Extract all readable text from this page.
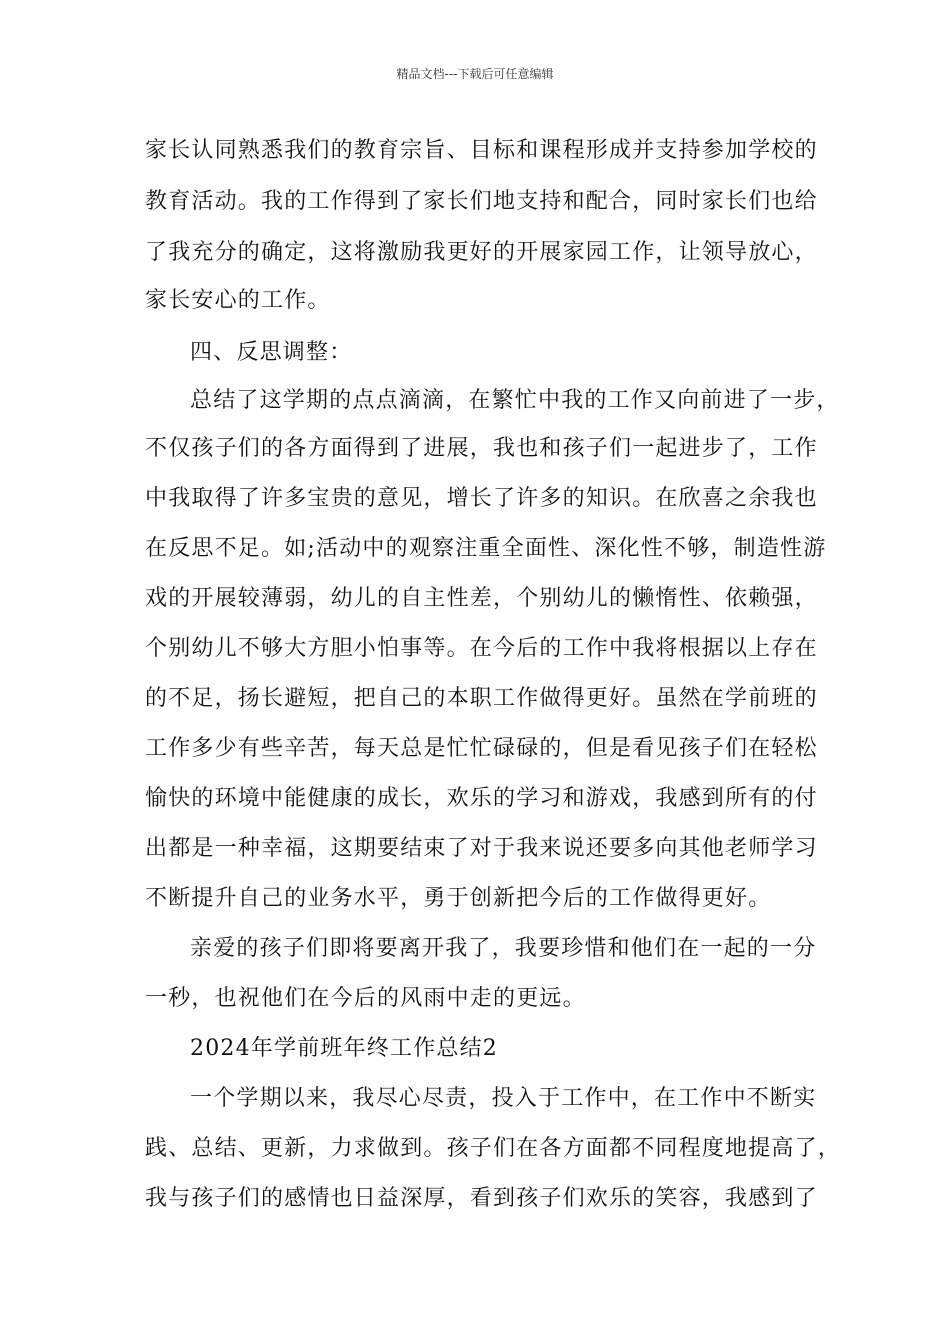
精品文档---下载后可任意编辑
家长认同熟悉我们的教育宗旨、目标和课程形成并支持参加学校的
教育活动。我的工作得到了家长们地支持和配合，同时家长们也给
了我充分的确定，这将激励我更好的开展家园工作，让领导放心，
家长安心的工作。
四、反思调整：
总结了这学期的点点滴滴，在繁忙中我的工作又向前进了一步，
不仅孩子们的各方面得到了进展，我也和孩子们一起进步了，工作
中我取得了许多宝贵的意见，增长了许多的知识。在欣喜之余我也
在反思不足。如;活动中的观察注重全面性、深化性不够，制造性游
戏的开展较薄弱，幼儿的自主性差，个别幼儿的懒惰性、依赖强，
个别幼儿不够大方胆小怕事等。在今后的工作中我将根据以上存在
的不足，扬长避短，把自己的本职工作做得更好。虽然在学前班的
工作多少有些辛苦，每天总是忙忙碌碌的，但是看见孩子们在轻松
愉快的环境中能健康的成长，欢乐的学习和游戏，我感到所有的付
出都是一种幸福，这期要结束了对于我来说还要多向其他老师学习
不断提升自己的业务水平，勇于创新把今后的工作做得更好。
亲爱的孩子们即将要离开我了，我要珍惜和他们在一起的一分
一秒，也祝他们在今后的风雨中走的更远。
2024年学前班年终工作总结2
一个学期以来，我尽心尽责，投入于工作中，在工作中不断实
践、总结、更新，力求做到。孩子们在各方面都不同程度地提高了，
我与孩子们的感情也日益深厚，看到孩子们欢乐的笑容，我感到了
